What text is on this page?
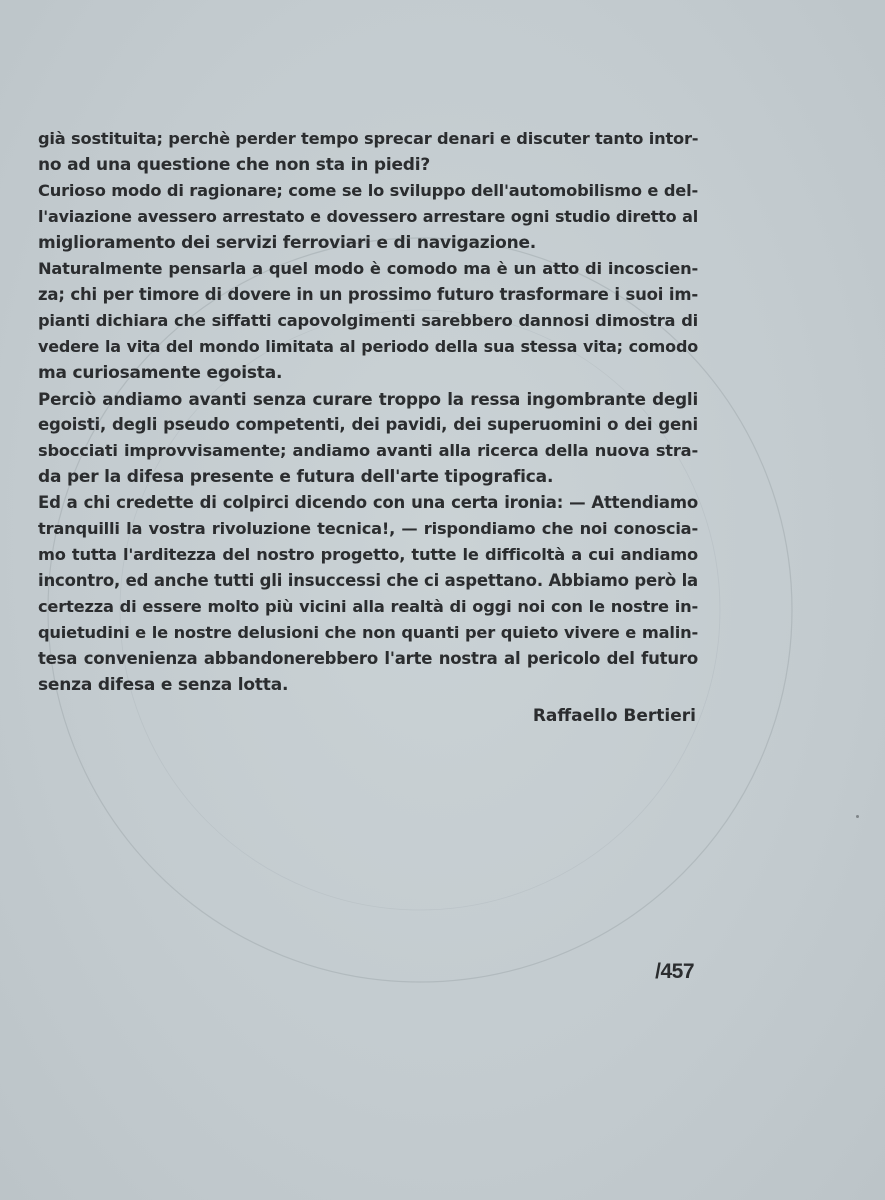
già sostituita; perchè perder tempo sprecar denari e discuter tanto intor-
no ad una questione che non sta in piedi?
Curioso modo di ragionare; come se lo sviluppo dell'automobilismo e del-
l'aviazione avessero arrestato e dovessero arrestare ogni studio diretto al
miglioramento dei servizi ferroviari e di navigazione.
Naturalmente pensarla a quel modo è comodo ma è un atto di incoscien-
za; chi per timore di dovere in un prossimo futuro trasformare i suoi im-
pianti dichiara che siffatti capovolgimenti sarebbero dannosi dimostra di
vedere la vita del mondo limitata al periodo della sua stessa vita; comodo
ma curiosamente egoista.
Perciò andiamo avanti senza curare troppo la ressa ingombrante degli
egoisti, degli pseudo competenti, dei pavidi, dei superuomini o dei geni
sbocciati improvvisamente; andiamo avanti alla ricerca della nuova stra-
da per la difesa presente e futura dell'arte tipografica.
Ed a chi credette di colpirci dicendo con una certa ironia: — Attendiamo
tranquilli la vostra rivoluzione tecnica!, — rispondiamo che noi conoscia-
mo tutta l'arditezza del nostro progetto, tutte le difficoltà a cui andiamo
incontro, ed anche tutti gli insuccessi che ci aspettano. Abbiamo però la
certezza di essere molto più vicini alla realtà di oggi noi con le nostre in-
quietudini e le nostre delusioni che non quanti per quieto vivere e malin-
tesa convenienza abbandonerebbero l'arte nostra al pericolo del futuro
senza difesa e senza lotta.
Raffaello Bertieri
/457
